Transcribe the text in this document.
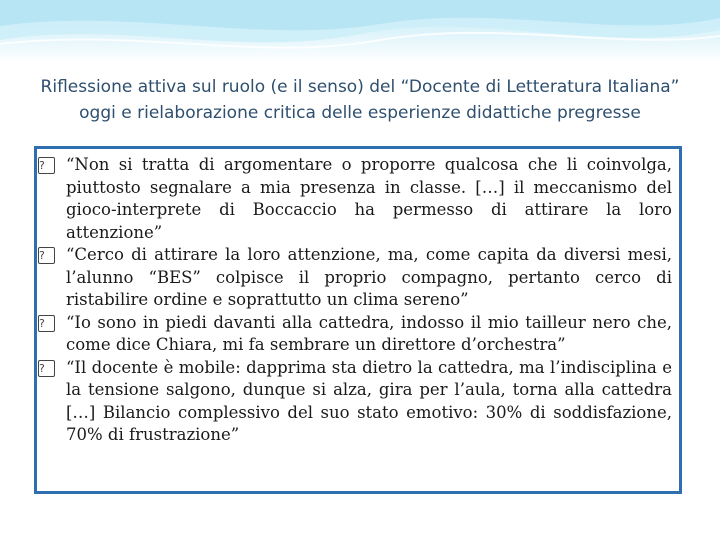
Riflessione attiva sul ruolo (e il senso) del “Docente di Letteratura Italiana”
oggi e rielaborazione critica delle esperienze didattiche pregresse
?	“Non si tratta di argomentare o proporre qualcosa che li coinvolga, piuttosto segnalare a mia presenza in classe. […] il meccanismo del gioco-interprete di Boccaccio ha permesso di attirare la loro attenzione”
?	“Cerco di attirare la loro attenzione, ma, come capita da diversi mesi, l’alunno “BES” colpisce il proprio compagno, pertanto cerco di ristabilire ordine e soprattutto un clima sereno”
?	“Io sono in piedi davanti alla cattedra, indosso il mio tailleur nero che, come dice Chiara, mi fa sembrare un direttore d’orchestra”
?	“Il docente è mobile: dapprima sta dietro la cattedra, ma l’indisciplina e la tensione salgono, dunque si alza, gira per l’aula, torna alla cattedra […] Bilancio complessivo del suo stato emotivo: 30% di soddisfazione, 70% di frustrazione”
